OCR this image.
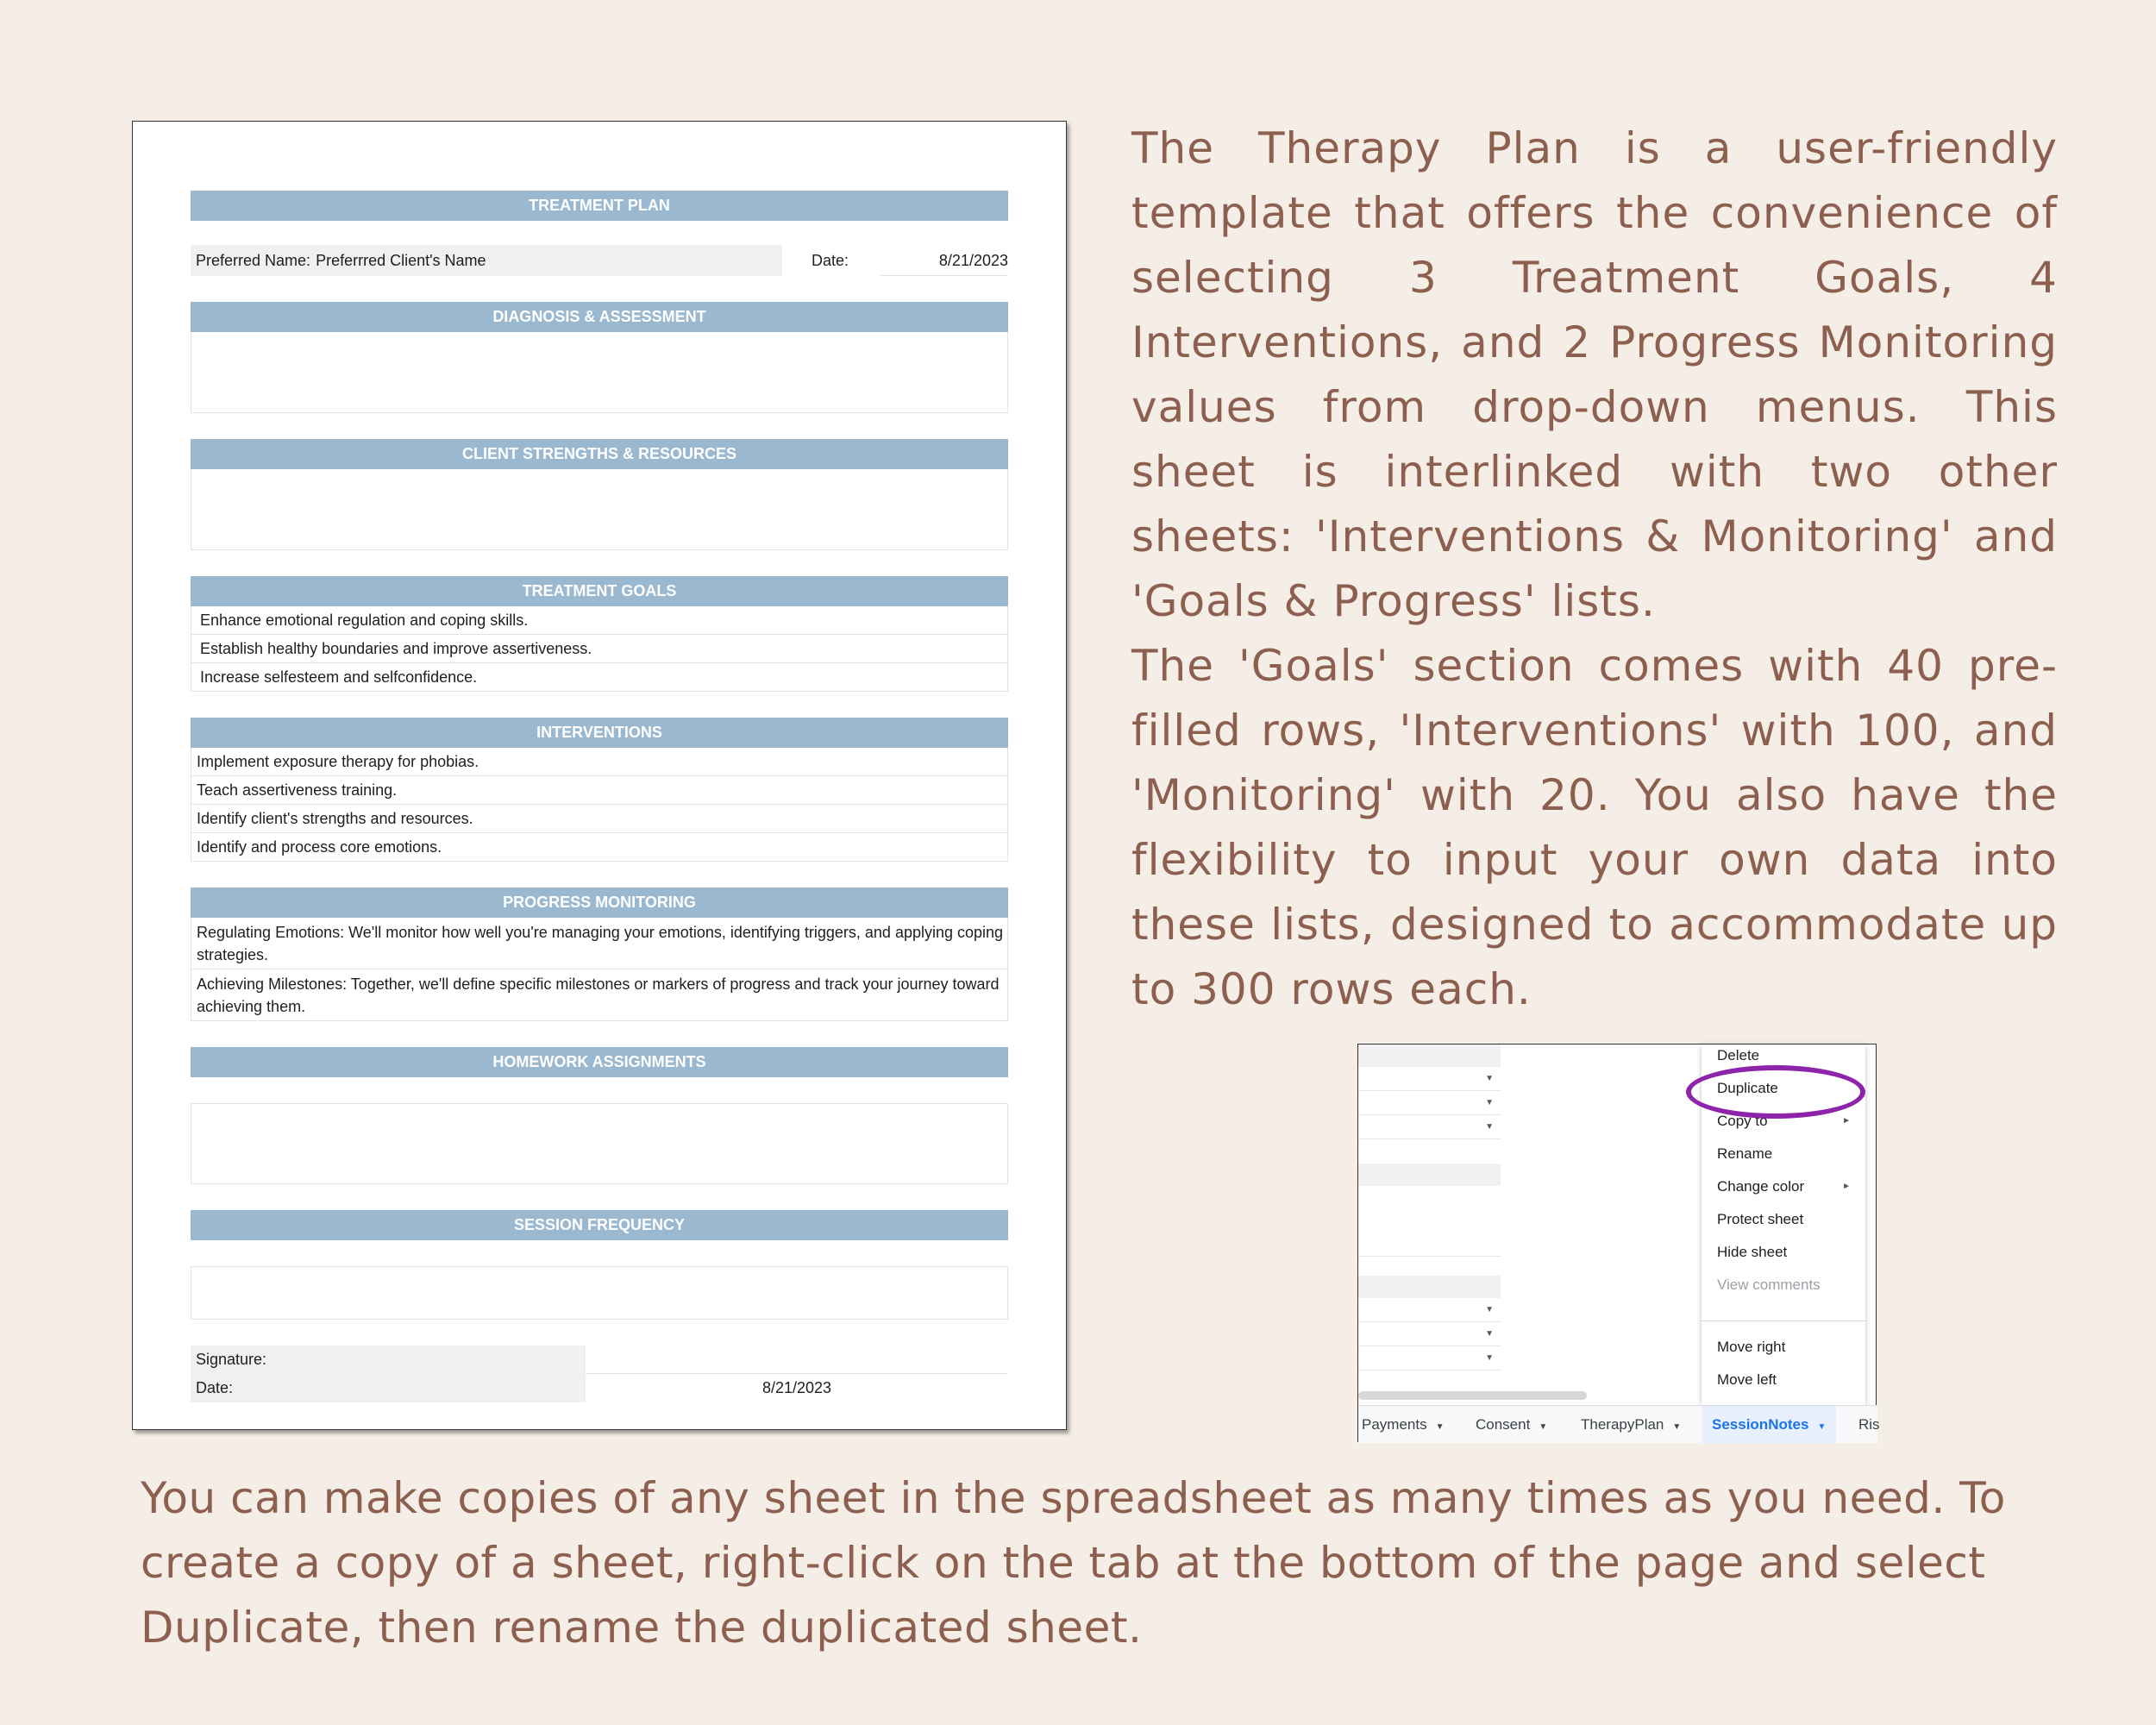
TREATMENT PLAN
Preferred Name: Preferrred Client's Name	Date:	8/21/2023
DIAGNOSIS & ASSESSMENT
CLIENT STRENGTHS & RESOURCES
TREATMENT GOALS
Enhance emotional regulation and coping skills.
Establish healthy boundaries and improve assertiveness.
Increase selfesteem and selfconfidence.
INTERVENTIONS
Implement exposure therapy for phobias.
Teach assertiveness training.
Identify client's strengths and resources.
Identify and process core emotions.
PROGRESS MONITORING
Regulating Emotions: We'll monitor how well you're managing your emotions, identifying triggers, and applying coping strategies.
Achieving Milestones: Together, we'll define specific milestones or markers of progress and track your journey toward achieving them.
HOMEWORK ASSIGNMENTS
SESSION FREQUENCY
Signature:
Date:	8/21/2023

The Therapy Plan is a user-friendly template that offers the convenience of selecting 3 Treatment Goals, 4 Interventions, and 2 Progress Monitoring values from drop-down menus. This sheet is interlinked with two other sheets: 'Interventions & Monitoring' and 'Goals & Progress' lists.

The 'Goals' section comes with 40 pre-filled rows, 'Interventions' with 100, and 'Monitoring' with 20. You also have the flexibility to input your own data into these lists, designed to accommodate up to 300 rows each.

▼
▼
▼
▼
▼
▼
Delete
Duplicate
Copy to	►
Rename
Change color	►
Protect sheet
Hide sheet
View comments
Move right
Move left
Payments ▼ Consent ▼ TherapyPlan ▼	SessionNotes ▼	Ris
You can make copies of any sheet in the spreadsheet as many times as you need. To create a copy of a sheet, right-click on the tab at the bottom of the page and select Duplicate, then rename the duplicated sheet.
